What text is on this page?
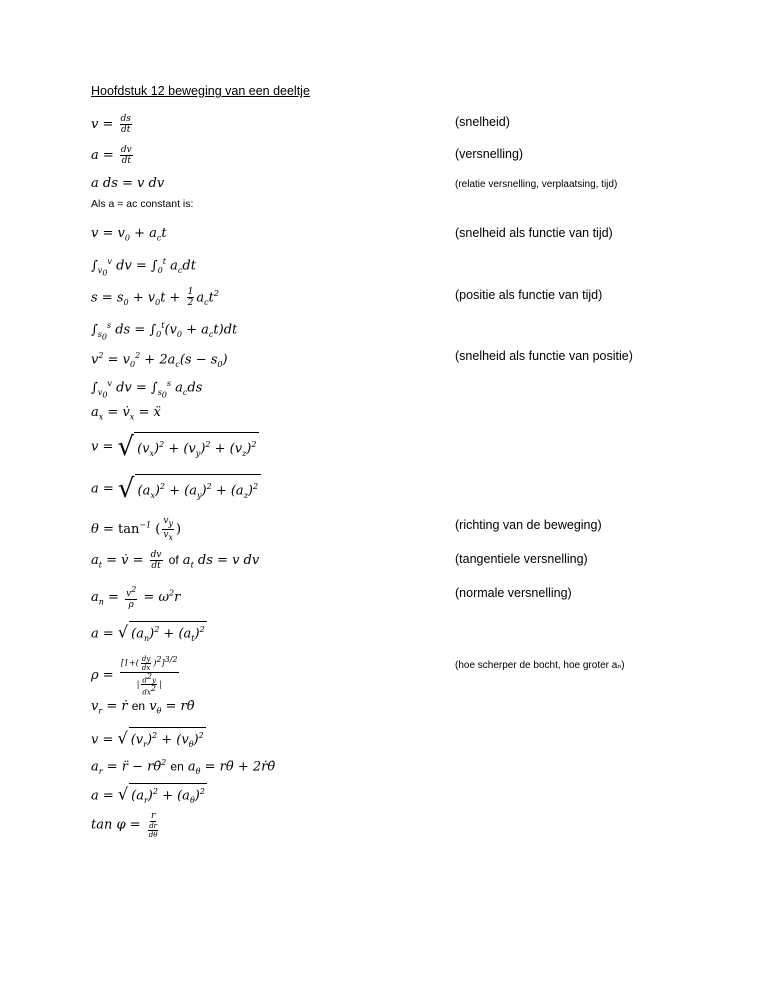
Hoofdstuk 12 beweging van een deeltje
$v = \frac{ds}{dt}$	(snelheid)
$a = \frac{dv}{dt}$	(versnelling)
a ds = v dv	(relatie versnelling, verplaatsing, tijd)
Als a = aᴄ constant is:
$v = v_0 + a_ct$	(snelheid als functie van tijd)
$\int_{v_0}^v$ dv = $\int_0^t$ $a_cdt$
$s = s_0 + v_0t + \frac{1}{2} a_ct^2$	(positie als functie van tijd)
$\int_{s_0}^s$ ds = $\int_0^t(v_0 + a_ct)dt$
$v^2 = v_0^2 + 2a_c(s - s_0)$	(snelheid als functie van positie)
$\int_{v_0}^v$ dv = $\int_{s_0}^s$ $a_cds$
$a_x$ = $v̇_x$ = ẍ
v = √ $(v_x)^2 + (v_y)^2 + (v_z)^2$
a = √ $(a_x)^2 + (a_y)^2 + (a_z)^2$
$\theta = \tan^{-1}$ ( $\frac{v_y}{v_x}$ )	(richting van de beweging)
$a_t$ = v̇ = $\frac{dv}{dt}$ of $a_t$ ds = v dv	(tangentiele versnelling)
$a_n = \frac{v^2}{\rho} = \omega^2r$	(normale versnelling)
a = √ $(a_n)^2 + (a_t)^2$
$\rho = \frac{[1+( \frac{dy}{dx} )^2]^{3/2}}{| \frac{d^2y}{dx^2} |}$	(hoe scherper de bocht, hoe groter aₙ)
$v_r$ = ṙ en $v_\theta$ = rθ̇
v = √ $(v_r)^2 + (v_\theta)^2$
$a_r$ = r̈ − rθ̇$^2$ en $a_\theta$ = rθ̈ + 2ṙθ̇
a = √ $(a_r)^2 + (a_\theta)^2$
$\tan \varphi = \frac{r}{\frac{dr}{d\theta}}$
